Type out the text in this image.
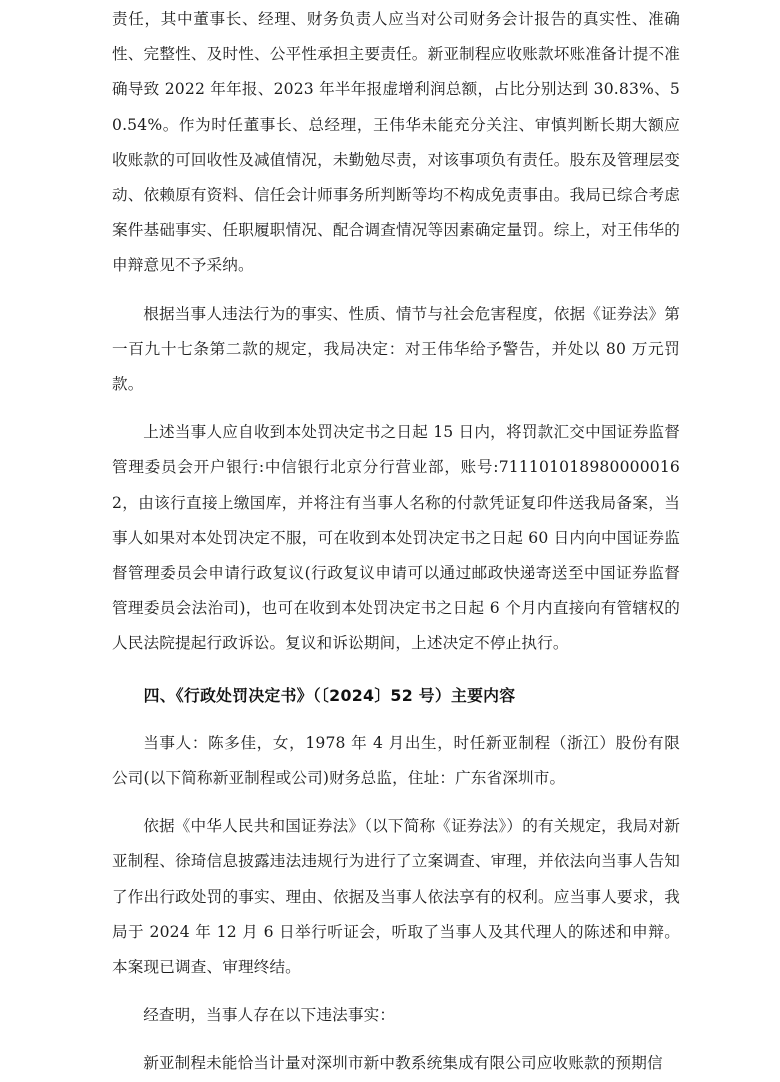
责任，其中董事长、经理、财务负责人应当对公司财务会计报告的真实性、准确性、完整性、及时性、公平性承担主要责任。新亚制程应收账款坏账准备计提不准确导致 2022 年年报、2023 年半年报虚增利润总额，占比分别达到 30.83%、50.54%。作为时任董事长、总经理，王伟华未能充分关注、审慎判断长期大额应收账款的可回收性及减值情况，未勤勉尽责，对该事项负有责任。股东及管理层变动、依赖原有资料、信任会计师事务所判断等均不构成免责事由。我局已综合考虑案件基础事实、任职履职情况、配合调查情况等因素确定量罚。综上，对王伟华的申辩意见不予采纳。

根据当事人违法行为的事实、性质、情节与社会危害程度，依据《证券法》第一百九十七条第二款的规定，我局决定：对王伟华给予警告，并处以 80 万元罚款。

上述当事人应自收到本处罚决定书之日起 15 日内，将罚款汇交中国证券监督管理委员会开户银行:中信银行北京分行营业部，账号:7111010189800000162，由该行直接上缴国库，并将注有当事人名称的付款凭证复印件送我局备案，当事人如果对本处罚决定不服，可在收到本处罚决定书之日起 60 日内向中国证券监督管理委员会申请行政复议(行政复议申请可以通过邮政快递寄送至中国证券监督管理委员会法治司)，也可在收到本处罚决定书之日起 6 个月内直接向有管辖权的人民法院提起行政诉讼。复议和诉讼期间，上述决定不停止执行。

四、《行政处罚决定书》（〔2024〕52 号）主要内容

当事人：陈多佳，女，1978 年 4 月出生，时任新亚制程（浙江）股份有限公司(以下简称新亚制程或公司)财务总监，住址：广东省深圳市。

依据《中华人民共和国证券法》（以下简称《证券法》）的有关规定，我局对新亚制程、徐琦信息披露违法违规行为进行了立案调查、审理，并依法向当事人告知了作出行政处罚的事实、理由、依据及当事人依法享有的权利。应当事人要求，我局于 2024 年 12 月 6 日举行听证会，听取了当事人及其代理人的陈述和申辩。本案现已调查、审理终结。

经查明，当事人存在以下违法事实：

新亚制程未能恰当计量对深圳市新中教系统集成有限公司应收账款的预期信
